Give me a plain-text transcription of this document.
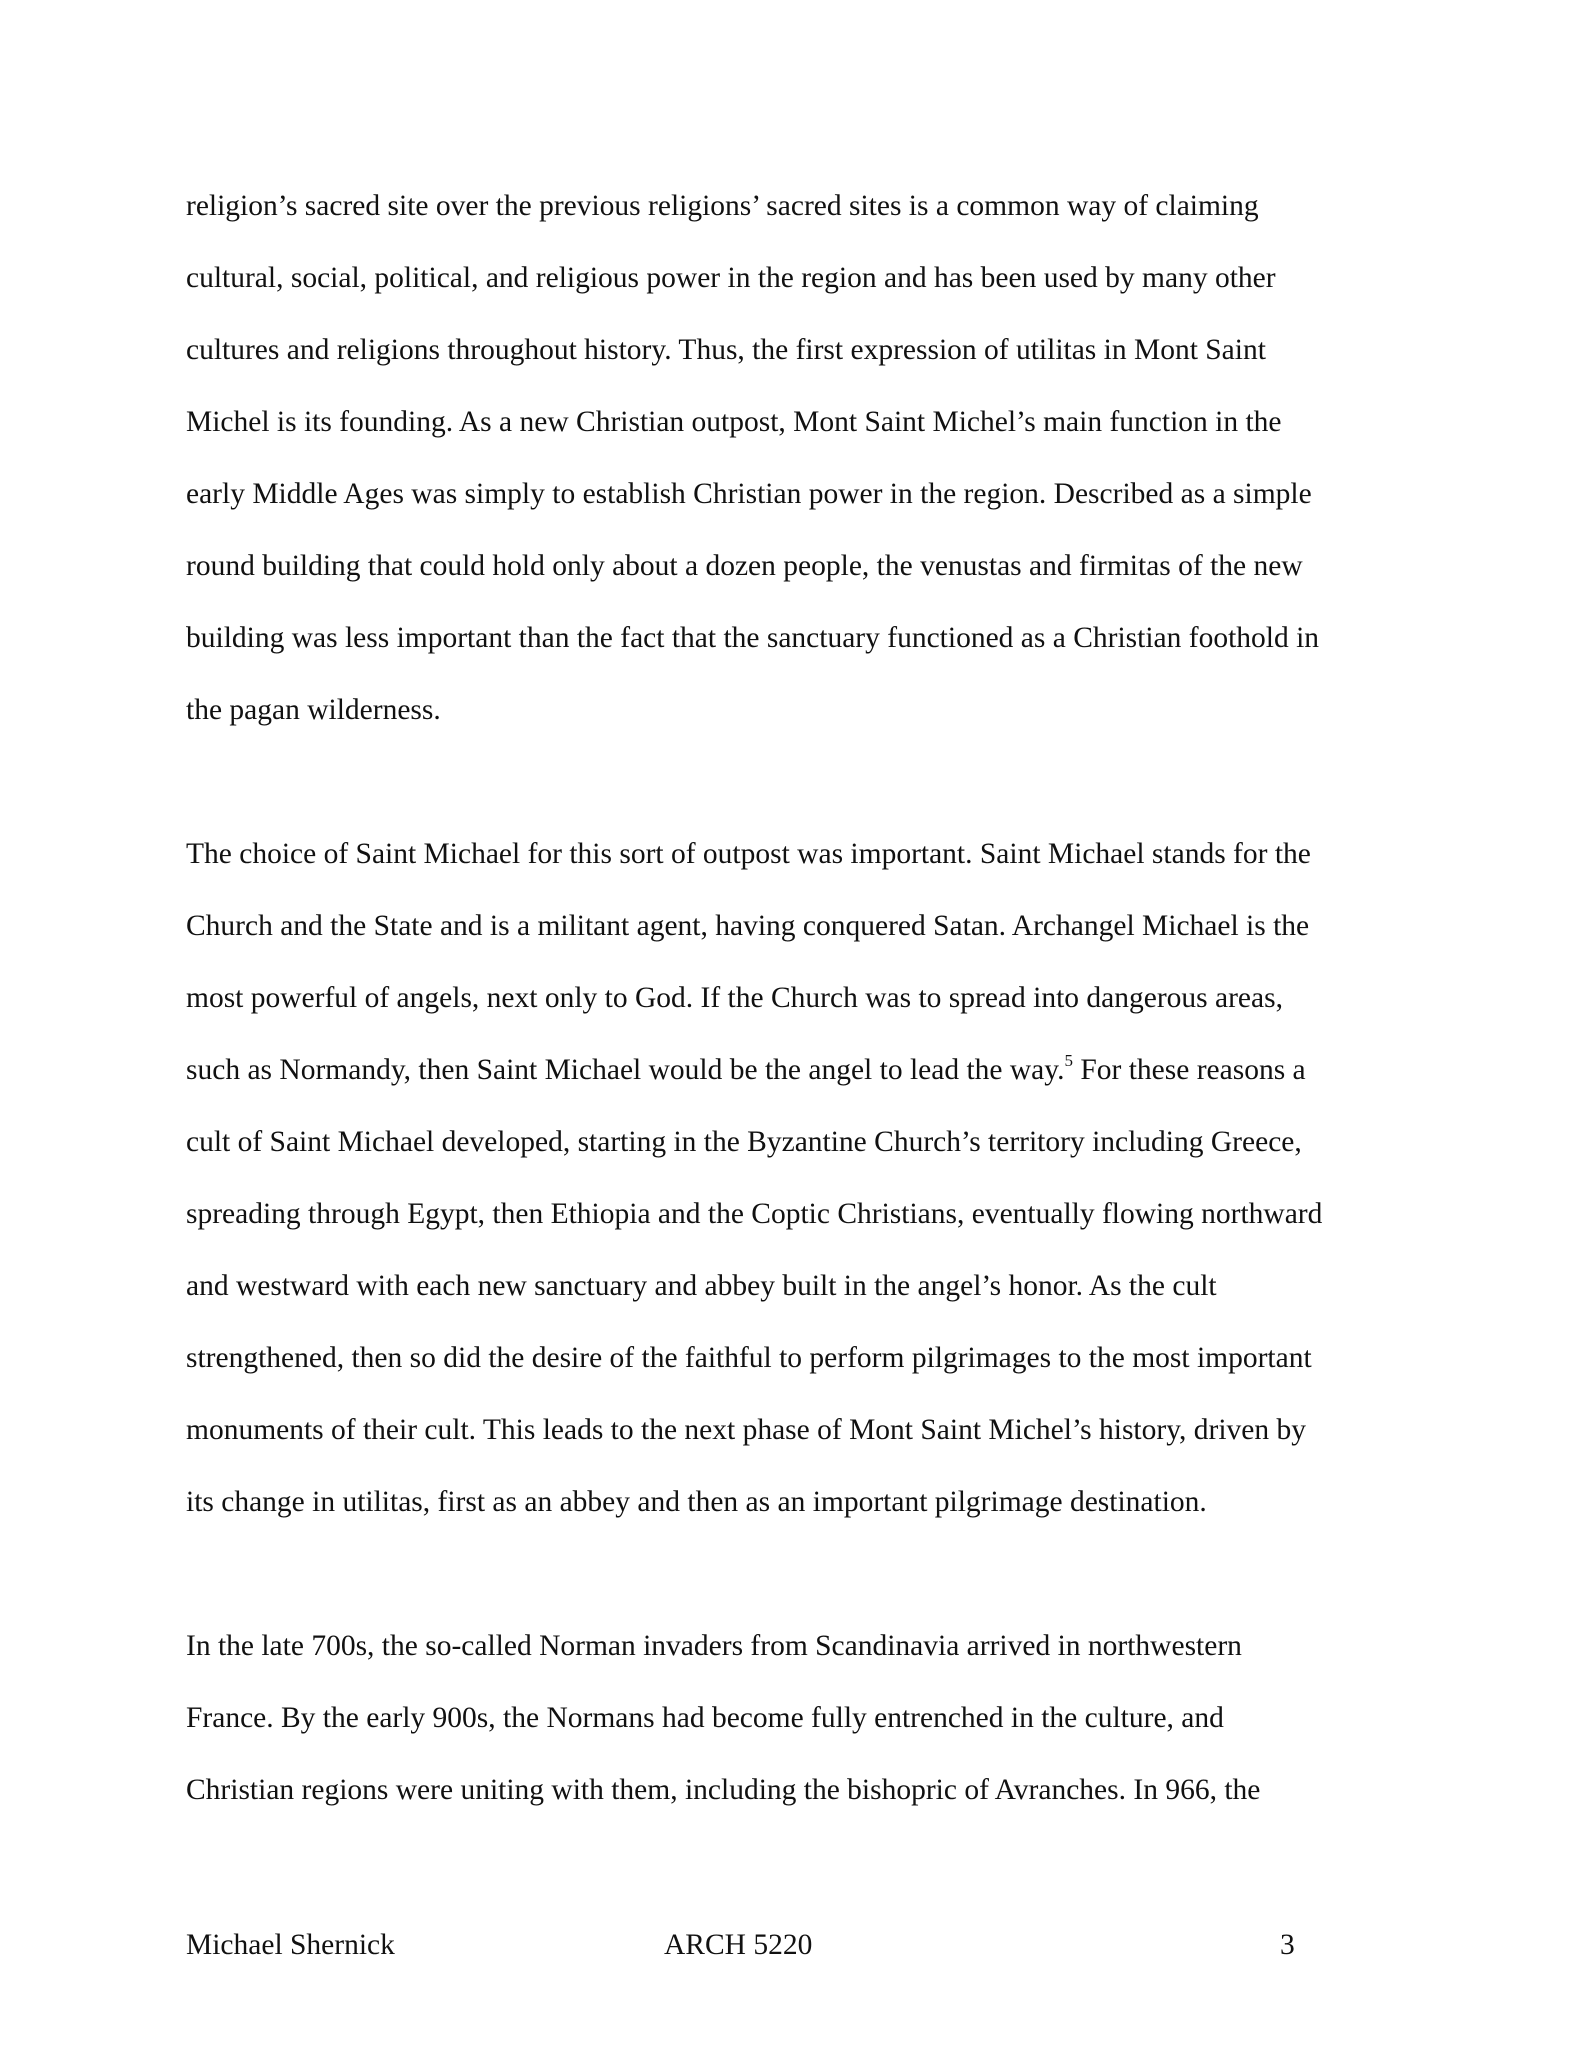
religion’s sacred site over the previous religions’ sacred sites is a common way of claiming
cultural, social, political, and religious power in the region and has been used by many other
cultures and religions throughout history. Thus, the first expression of utilitas in Mont Saint
Michel is its founding. As a new Christian outpost, Mont Saint Michel’s main function in the
early Middle Ages was simply to establish Christian power in the region. Described as a simple
round building that could hold only about a dozen people, the venustas and firmitas of the new
building was less important than the fact that the sanctuary functioned as a Christian foothold in
the pagan wilderness.
The choice of Saint Michael for this sort of outpost was important. Saint Michael stands for the
Church and the State and is a militant agent, having conquered Satan. Archangel Michael is the
most powerful of angels, next only to God. If the Church was to spread into dangerous areas,
such as Normandy, then Saint Michael would be the angel to lead the way.$^5$ For these reasons a
cult of Saint Michael developed, starting in the Byzantine Church’s territory including Greece,
spreading through Egypt, then Ethiopia and the Coptic Christians, eventually flowing northward
and westward with each new sanctuary and abbey built in the angel’s honor. As the cult
strengthened, then so did the desire of the faithful to perform pilgrimages to the most important
monuments of their cult. This leads to the next phase of Mont Saint Michel’s history, driven by
its change in utilitas, first as an abbey and then as an important pilgrimage destination.
In the late 700s, the so-called Norman invaders from Scandinavia arrived in northwestern
France. By the early 900s, the Normans had become fully entrenched in the culture, and
Christian regions were uniting with them, including the bishopric of Avranches. In 966, the
Michael Shernick	ARCH 5220	3
